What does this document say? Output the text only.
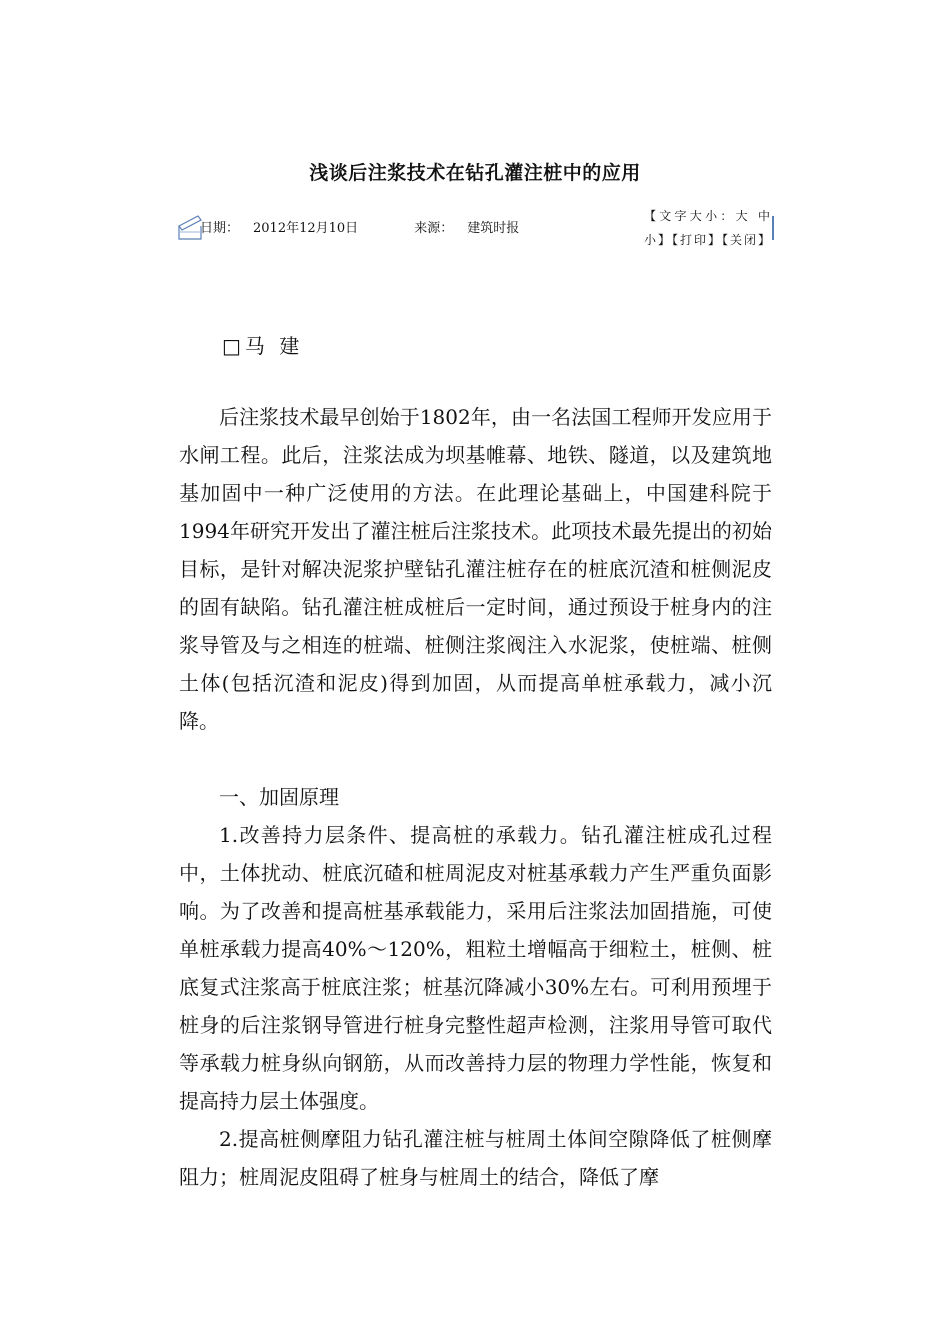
浅谈后注浆技术在钻孔灌注桩中的应用
日期： 2012年12月10日	来源： 建筑时报
【文字大小：大 中 小】【打印】【关闭】

□马 建

后注浆技术最早创始于1802年，由一名法国工程师开发应用于水闸工程。此后，注浆法成为坝基帷幕、地铁、隧道，以及建筑地基加固中一种广泛使用的方法。在此理论基础上，中国建科院于1994年研究开发出了灌注桩后注浆技术。此项技术最先提出的初始目标，是针对解决泥浆护壁钻孔灌注桩存在的桩底沉渣和桩侧泥皮的固有缺陷。钻孔灌注桩成桩后一定时间，通过预设于桩身内的注浆导管及与之相连的桩端、桩侧注浆阀注入水泥浆，使桩端、桩侧土体(包括沉渣和泥皮)得到加固，从而提高单桩承载力，减小沉降。

一、加固原理

1.改善持力层条件、提高桩的承载力。钻孔灌注桩成孔过程中，土体扰动、桩底沉碴和桩周泥皮对桩基承载力产生严重负面影响。为了改善和提高桩基承载能力，采用后注浆法加固措施，可使单桩承载力提高40%～120%，粗粒土增幅高于细粒土，桩侧、桩底复式注浆高于桩底注浆；桩基沉降减小30%左右。可利用预埋于桩身的后注浆钢导管进行桩身完整性超声检测，注浆用导管可取代等承载力桩身纵向钢筋，从而改善持力层的物理力学性能，恢复和提高持力层土体强度。

2.提高桩侧摩阻力钻孔灌注桩与桩周土体间空隙降低了桩侧摩阻力；桩周泥皮阻碍了桩身与桩周土的结合，降低了摩
